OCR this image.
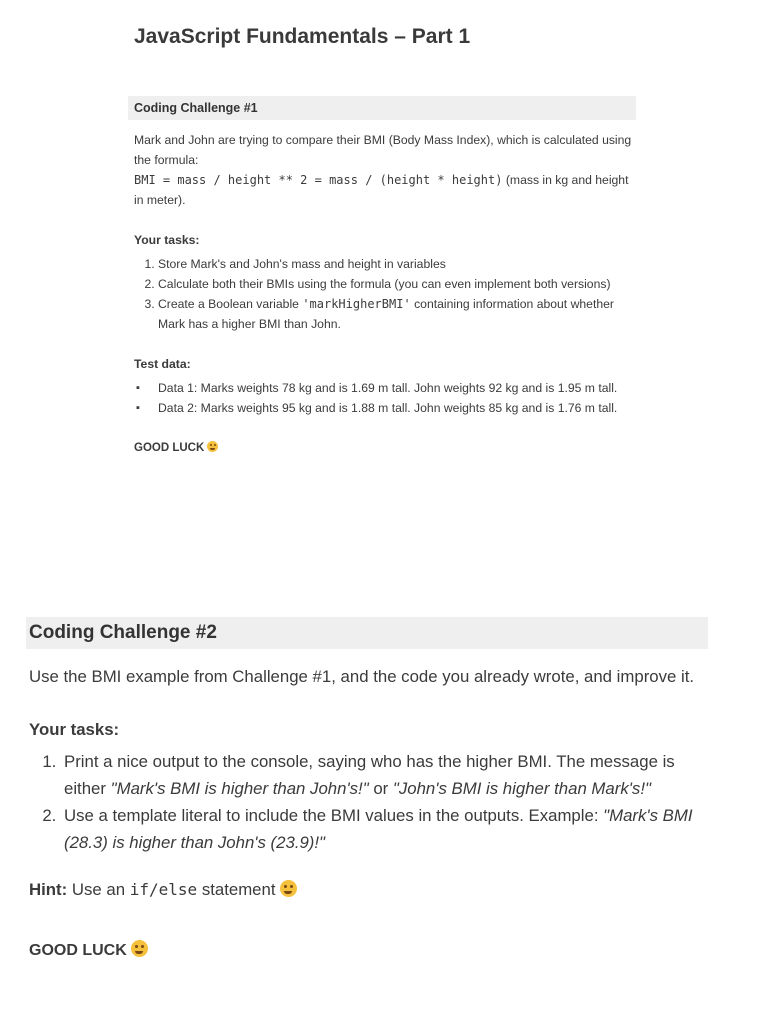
JavaScript Fundamentals – Part 1
Coding Challenge #1
Mark and John are trying to compare their BMI (Body Mass Index), which is calculated using the formula:
BMI = mass / height ** 2 = mass / (height * height) (mass in kg and height in meter).
Your tasks:
1. Store Mark's and John's mass and height in variables
2. Calculate both their BMIs using the formula (you can even implement both versions)
3. Create a Boolean variable 'markHigherBMI' containing information about whether Mark has a higher BMI than John.
Test data:
▪ Data 1: Marks weights 78 kg and is 1.69 m tall. John weights 92 kg and is 1.95 m tall.
▪ Data 2: Marks weights 95 kg and is 1.88 m tall. John weights 85 kg and is 1.76 m tall.
GOOD LUCK
Coding Challenge #2
Use the BMI example from Challenge #1, and the code you already wrote, and improve it.
Your tasks:
1. Print a nice output to the console, saying who has the higher BMI. The message is either "Mark's BMI is higher than John's!" or "John's BMI is higher than Mark's!"
2. Use a template literal to include the BMI values in the outputs. Example: "Mark's BMI (28.3) is higher than John's (23.9)!"
Hint: Use an if/else statement
GOOD LUCK
